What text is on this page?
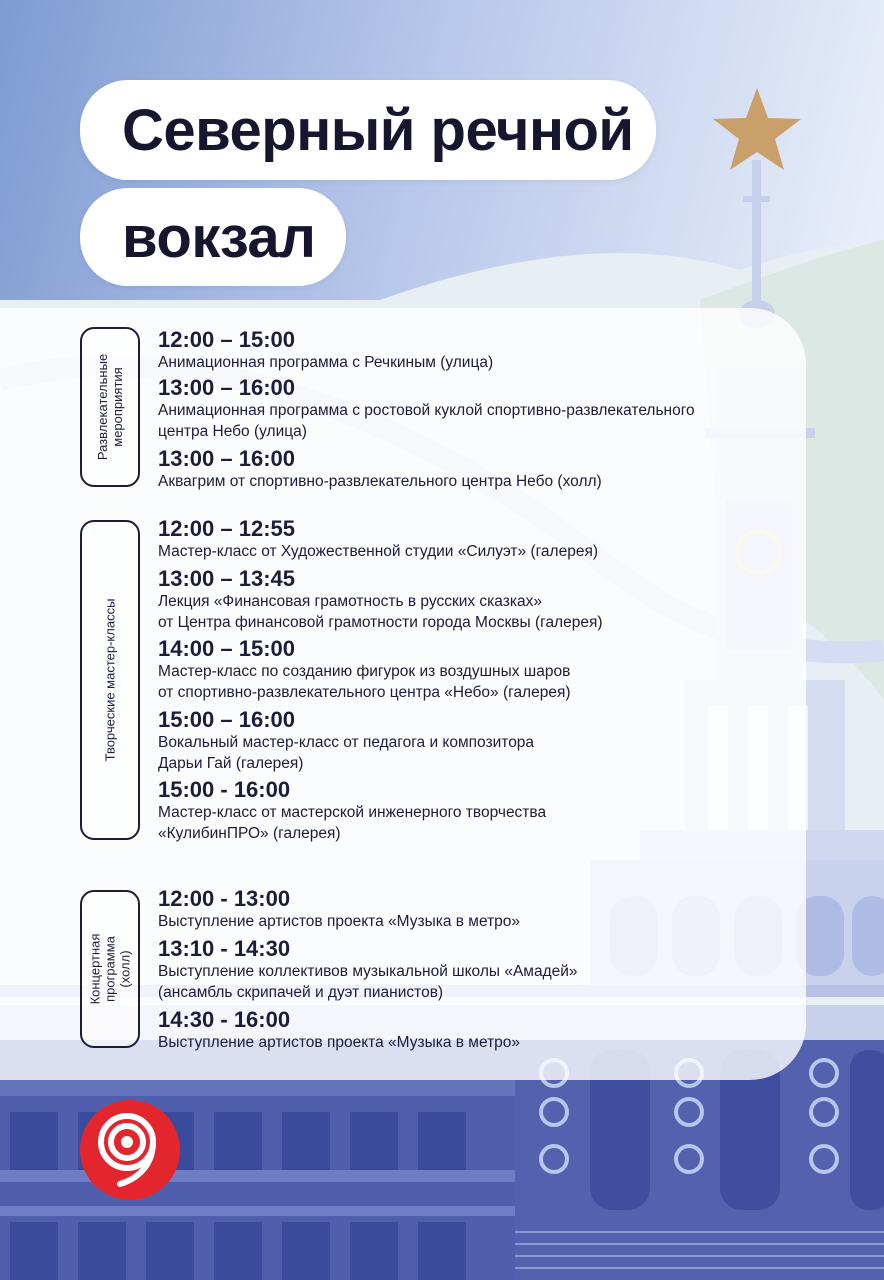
Северный речной
вокзал
Развлекательные
мероприятия
12:00 – 15:00
Анимационная программа с Речкиным (улица)
13:00 – 16:00
Анимационная программа с ростовой куклой спортивно-развлекательного
центра Небо (улица)
13:00 – 16:00
Аквагрим от спортивно-развлекательного центра Небо (холл)
Творческие мастер-классы
12:00 – 12:55
Мастер-класс от Художественной студии «Силуэт» (галерея)
13:00 – 13:45
Лекция «Финансовая грамотность в русских сказках»
от Центра финансовой грамотности города Москвы (галерея)
14:00 – 15:00
Мастер-класс по созданию фигурок из воздушных шаров
от спортивно-развлекательного центра «Небо» (галерея)
15:00 – 16:00
Вокальный мастер-класс от педагога и композитора
Дарьи Гай (галерея)
15:00 - 16:00
Мастер-класс от мастерской инженерного творчества
«КулибинПРО» (галерея)
Концертная
программа
(холл)
12:00 - 13:00
Выступление артистов проекта «Музыка в метро»
13:10 - 14:30
Выступление коллективов музыкальной школы «Амадей»
(ансамбль скрипачей и дуэт пианистов)
14:30 - 16:00
Выступление артистов проекта «Музыка в метро»
